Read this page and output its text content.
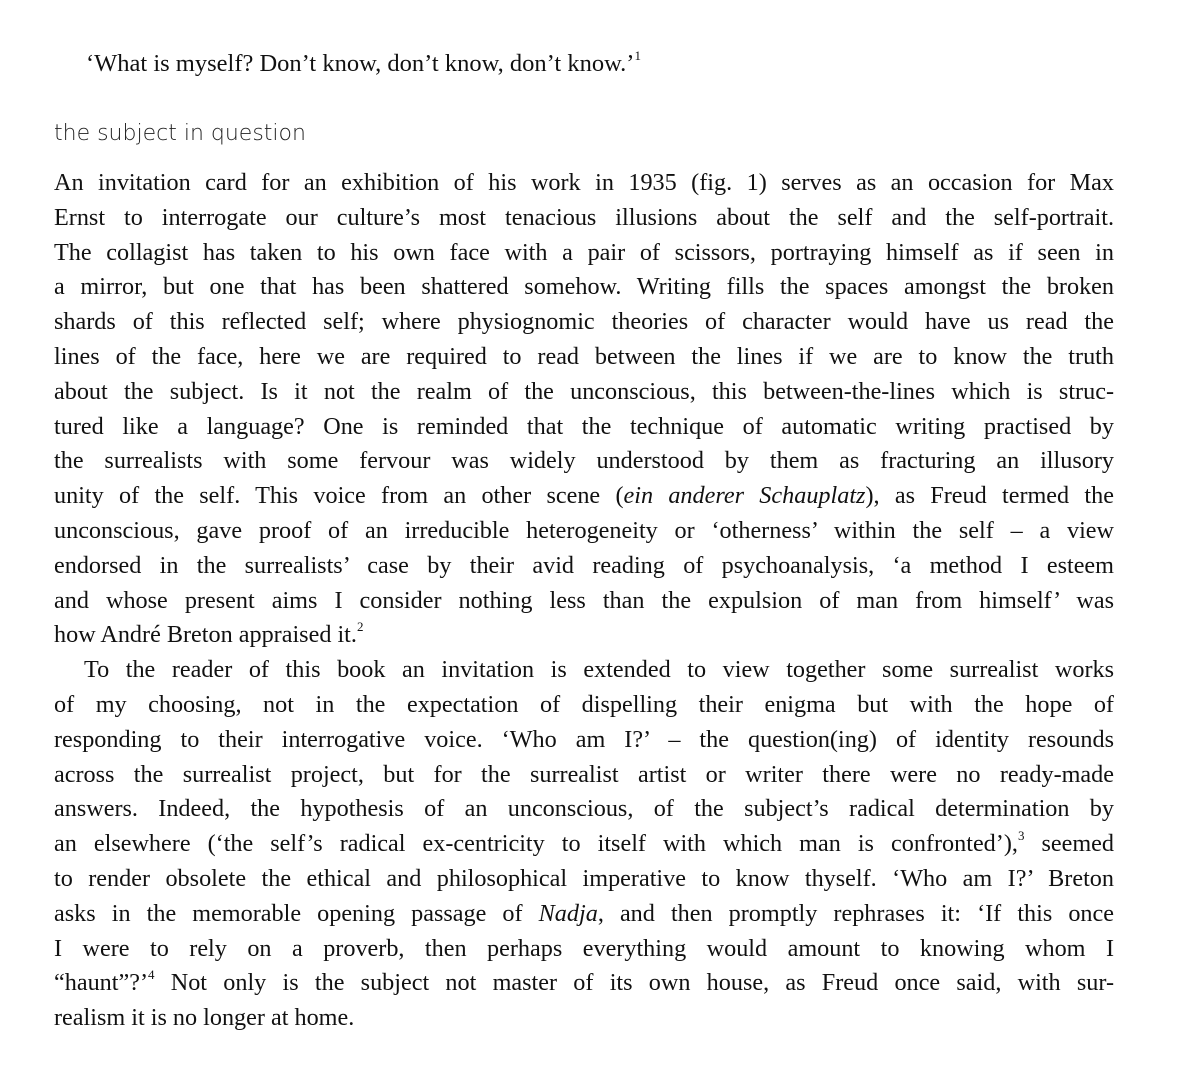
‘What is myself? Don’t know, don’t know, don’t know.’$^1$

the subject in question
An invitation card for an exhibition of his work in 1935 (fig. 1) serves as an occasion for Max
Ernst to interrogate our culture’s most tenacious illusions about the self and the self-portrait.
The collagist has taken to his own face with a pair of scissors, portraying himself as if seen in
a mirror, but one that has been shattered somehow. Writing fills the spaces amongst the broken
shards of this reflected self; where physiognomic theories of character would have us read the
lines of the face, here we are required to read between the lines if we are to know the truth
about the subject. Is it not the realm of the unconscious, this between-the-lines which is struc-
tured like a language? One is reminded that the technique of automatic writing practised by
the surrealists with some fervour was widely understood by them as fracturing an illusory
unity of the self. This voice from an other scene (ein anderer Schauplatz), as Freud termed the
unconscious, gave proof of an irreducible heterogeneity or ‘otherness’ within the self – a view
endorsed in the surrealists’ case by their avid reading of psychoanalysis, ‘a method I esteem
and whose present aims I consider nothing less than the expulsion of man from himself’ was
how André Breton appraised it.$^2$
To the reader of this book an invitation is extended to view together some surrealist works
of my choosing, not in the expectation of dispelling their enigma but with the hope of
responding to their interrogative voice. ‘Who am I?’ – the question(ing) of identity resounds
across the surrealist project, but for the surrealist artist or writer there were no ready-made
answers. Indeed, the hypothesis of an unconscious, of the subject’s radical determination by
an elsewhere (‘the self’s radical ex-centricity to itself with which man is confronted’),$^3$ seemed
to render obsolete the ethical and philosophical imperative to know thyself. ‘Who am I?’ Breton
asks in the memorable opening passage of Nadja, and then promptly rephrases it: ‘If this once
I were to rely on a proverb, then perhaps everything would amount to knowing whom I
“haunt”?’$^4$ Not only is the subject not master of its own house, as Freud once said, with sur-
realism it is no longer at home.
